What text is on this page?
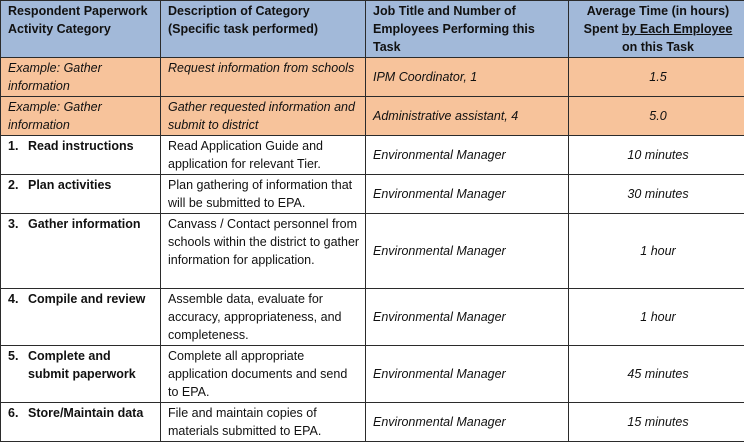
Respondent Paperwork Activity Category	Description of Category (Specific task performed)	Job Title and Number of Employees Performing this Task	Average Time (in hours) Spent by Each Employee on this Task
Example: Gather information	Request information from schools	IPM Coordinator, 1	1.5
Example: Gather information	Gather requested information and submit to district	Administrative assistant, 4	5.0
1. Read instructions	Read Application Guide and application for relevant Tier.	Environmental Manager	10 minutes
2. Plan activities	Plan gathering of information that will be submitted to EPA.	Environmental Manager	30 minutes
3. Gather information	Canvass / Contact personnel from schools within the district to gather information for application.	Environmental Manager	1 hour
4. Compile and review	Assemble data, evaluate for accuracy, appropriateness, and completeness.	Environmental Manager	1 hour
5. Complete and submit paperwork	Complete all appropriate application documents and send to EPA.	Environmental Manager	45 minutes
6. Store/Maintain data	File and maintain copies of materials submitted to EPA.	Environmental Manager	15 minutes
